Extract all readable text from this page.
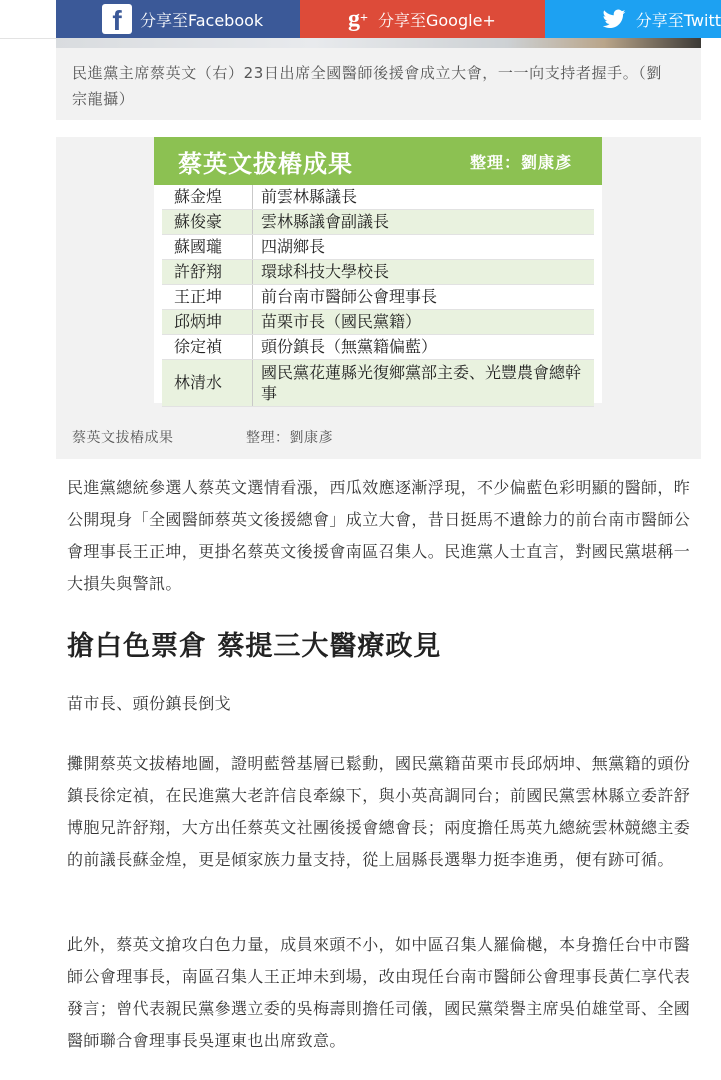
f	分享至Facebook	g + 分享至Google+	分享至Twitt
民進黨主席蔡英文（右）23日出席全國醫師後援會成立大會，一一向支持者握手。（劉宗龍攝）
蔡英文拔樁成果	整理：劉康彥
蘇金煌	前雲林縣議長
蘇俊豪	雲林縣議會副議長
蘇國瓏	四湖鄉長
許舒翔	環球科技大學校長
王正坤	前台南市醫師公會理事長
邱炳坤	苗栗市長（國民黨籍）
徐定禎	頭份鎮長（無黨籍偏藍）
林清水	國民黨花蓮縣光復鄉黨部主委、光豐農會總幹事
蔡英文拔樁成果　　　　　整理：劉康彥

民進黨總統參選人蔡英文選情看漲，西瓜效應逐漸浮現，不少偏藍色彩明顯的醫師，昨公開現身「全國醫師蔡英文後援總會」成立大會，昔日挺馬不遺餘力的前台南市醫師公會理事長王正坤，更掛名蔡英文後援會南區召集人。民進黨人士直言，對國民黨堪稱一大損失與警訊。

搶白色票倉 蔡提三大醫療政見

苗市長、頭份鎮長倒戈

攤開蔡英文拔樁地圖，證明藍營基層已鬆動，國民黨籍苗栗市長邱炳坤、無黨籍的頭份鎮長徐定禎，在民進黨大老許信良牽線下，與小英高調同台；前國民黨雲林縣立委許舒博胞兄許舒翔，大方出任蔡英文社團後援會總會長；兩度擔任馬英九總統雲林競總主委的前議長蘇金煌，更是傾家族力量支持，從上屆縣長選舉力挺李進勇，便有跡可循。

此外，蔡英文搶攻白色力量，成員來頭不小，如中區召集人羅倫樾，本身擔任台中市醫師公會理事長，南區召集人王正坤未到場，改由現任台南市醫師公會理事長黃仁享代表發言；曾代表親民黨參選立委的吳梅壽則擔任司儀，國民黨榮譽主席吳伯雄堂哥、全國醫師聯合會理事長吳運東也出席致意。
